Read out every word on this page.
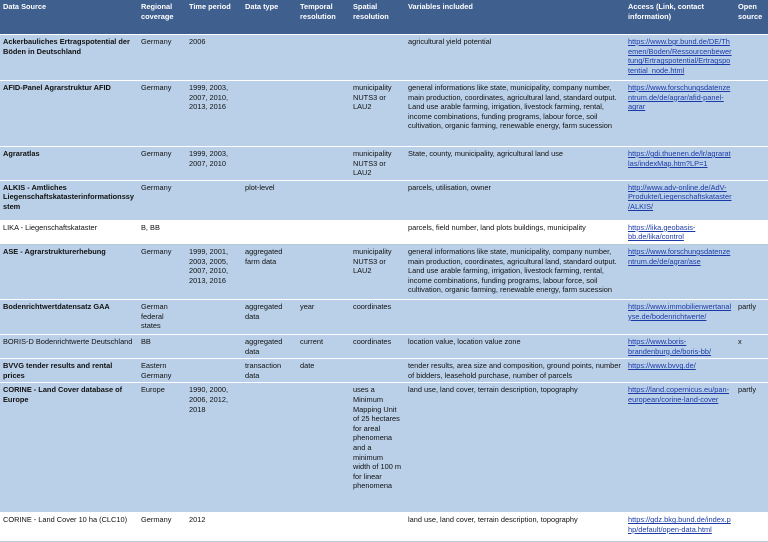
Data Source	Regional coverage	Time period	Data type	Temporal resolution	Spatial resolution	Variables included	Access (Link, contact information)	Open source
Ackerbauliches Ertragspotential der Böden in Deutschland	Germany	2006				agricultural yield potential	https://www.bgr.bund.de/DE/Themen/Boden/Ressourcenbewertung/Ertragspotential/Ertragspotential_node.html	
AFID-Panel Agrarstruktur AFID	Germany	1999, 2003, 2007, 2010, 2013, 2016			municipality NUTS3 or LAU2	general informations like state, municipality, company number, main production, coordinates, agricultural land, standard output. Land use arable farming, irrigation, livestock farming, rental, income combinations, funding programs, labour force, soil cultivation, organic farming, renewable energy, farm sucession	https://www.forschungsdatenzentrum.de/de/agrar/afid-panel-agrar	
Agraratlas	Germany	1999, 2003, 2007, 2010			municipality NUTS3 or LAU2	State, county, municipality, agricultural land use	https://gdi.thuenen.de/lr/agraratlas/indexMap.htm?LP=1	
ALKIS - Amtliches Liegenschaftskatasterinformationssystem	Germany		plot-level			parcels, utilisation, owner	http://www.adv-online.de/AdV-Produkte/Liegenschaftskataster/ALKIS/	
LIKA - Liegenschaftskataster	B, BB					parcels, field number, land plots buildings, municipality	https://lika.geobasis-bb.de/lika/control	
ASE - Agrarstrukturerhebung	Germany	1999, 2001, 2003, 2005, 2007, 2010, 2013, 2016	aggregated farm data		municipality NUTS3 or LAU2	general informations like state, municipality, company number, main production, coordinates, agricultural land, standard output. Land use arable farming, irrigation, livestock farming, rental, income combinations, funding programs, labour force, soil cultivation, organic farming, renewable energy, farm sucession	https://www.forschungsdatenzentrum.de/de/agrar/ase	
Bodenrichtwertdatensatz GAA	German federal states		aggregated data	year	coordinates		https://www.immobilienwertanalyse.de/bodenrichtwerte/	partly
BORIS-D Bodenrichtwerte Deutschland	BB		aggregated data	current	coordinates	location value, location value zone	https://www.boris-brandenburg.de/boris-bb/	x
BVVG tender results and rental prices	Eastern Germany		transaction data	date		tender results, area size and composition, ground points, number of bidders, leasehold purchase, number of parcels	https://www.bvvg.de/	
CORINE - Land Cover database of Europe	Europe	1990, 2000, 2006, 2012, 2018			uses a Minimum Mapping Unit of 25 hectares for areal phenomena and a minimum width of 100 m for linear phenomena	land use, land cover, terrain description, topography	https://land.copernicus.eu/pan-european/corine-land-cover	partly
CORINE - Land Cover 10 ha (CLC10)	Germany	2012				land use, land cover, terrain description, topography	https://gdz.bkg.bund.de/index.php/default/open-data.html	
